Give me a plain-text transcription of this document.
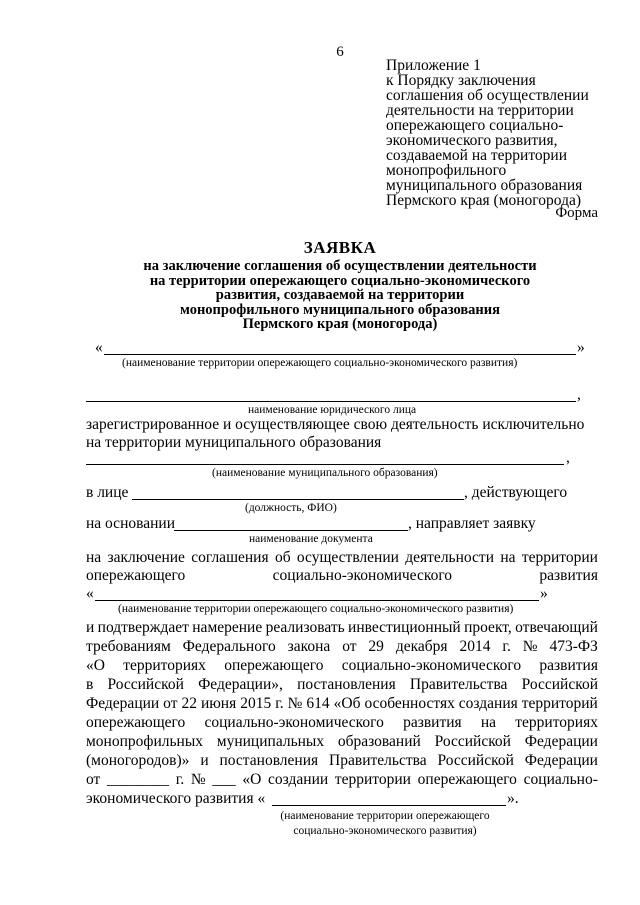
6
Приложение 1
к Порядку заключения
соглашения об осуществлении
деятельности на территории
опережающего социально-
экономического развития,
создаваемой на территории
монопрофильного
муниципального образования
Пермского края (моногорода)
Форма
ЗАЯВКА
на заключение соглашения об осуществлении деятельности
на территории опережающего социально-экономического
развития, создаваемой на территории
монопрофильного муниципального образования
Пермского края (моногорода)
«	»
(наименование территории опережающего социально-экономического развития)
,
наименование юридического лица
зарегистрированное и осуществляющее свою деятельность исключительно
на территории муниципального образования
,
(наименование муниципального образования)
в лице	, действующего
(должность, ФИО)
на основании	, направляет заявку
наименование документа
на заключение соглашения об осуществлении деятельности на территории
опережающего	социально-экономического	развития
«	»
(наименование территории опережающего социально-экономического развития)
и подтверждает намерение реализовать инвестиционный проект, отвечающий
требованиям Федерального закона от 29 декабря 2014 г. № 473-ФЗ
«О территориях опережающего социально-экономического развития
в Российской Федерации», постановления Правительства Российской
Федерации от 22 июня 2015 г. № 614 «Об особенностях создания территорий
опережающего социально-экономического развития на территориях
монопрофильных муниципальных образований Российской Федерации
(моногородов)» и постановления Правительства Российской Федерации
от ________ г. № ___ «О создании территории опережающего социально-
экономического развития «	».
(наименование территории опережающего
социально-экономического развития)
